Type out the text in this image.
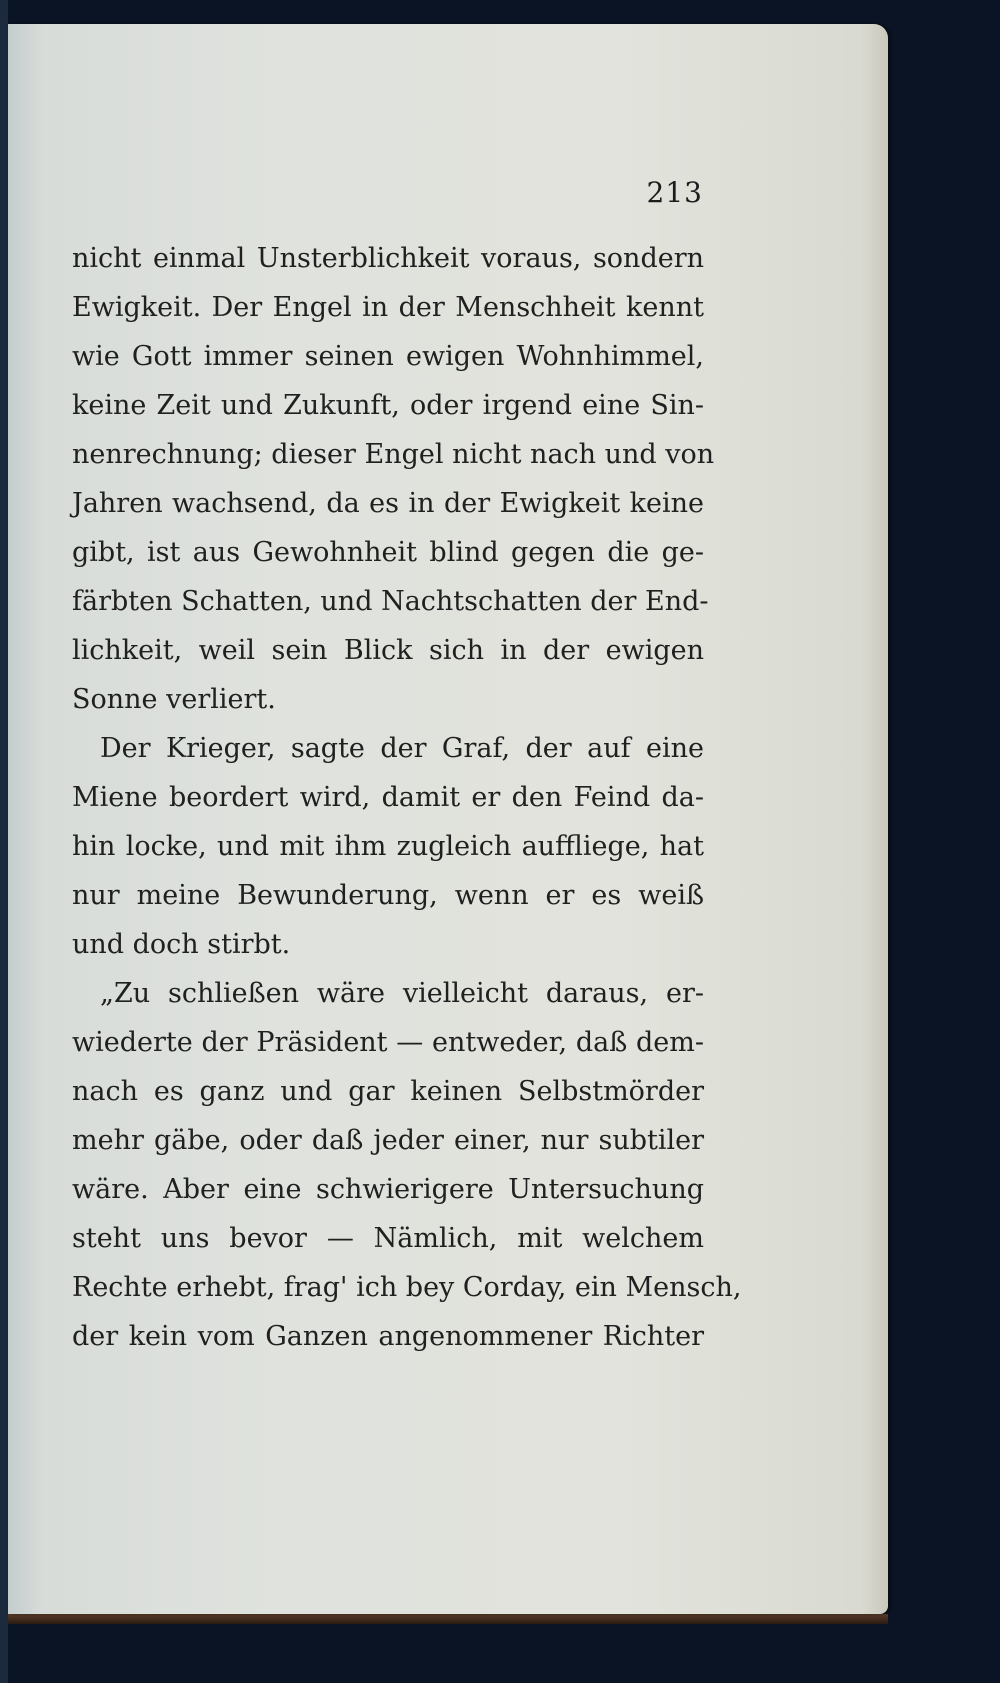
213
nicht einmal Unsterblichkeit voraus, sondern
Ewigkeit. Der Engel in der Menschheit kennt
wie Gott immer seinen ewigen Wohnhimmel,
keine Zeit und Zukunft, oder irgend eine Sin-
nenrechnung; dieser Engel nicht nach und von
Jahren wachsend, da es in der Ewigkeit keine
gibt, ist aus Gewohnheit blind gegen die ge-
färbten Schatten, und Nachtschatten der End-
lichkeit, weil sein Blick sich in der ewigen
Sonne verliert.
Der Krieger, sagte der Graf, der auf eine
Miene beordert wird, damit er den Feind da-
hin locke, und mit ihm zugleich auffliege, hat
nur meine Bewunderung, wenn er es weiß
und doch stirbt.
„Zu schließen wäre vielleicht daraus, er-
wiederte der Präsident — entweder, daß dem-
nach es ganz und gar keinen Selbstmörder
mehr gäbe, oder daß jeder einer, nur subtiler
wäre. Aber eine schwierigere Untersuchung
steht uns bevor — Nämlich, mit welchem
Rechte erhebt, frag' ich bey Corday, ein Mensch,
der kein vom Ganzen angenommener Richter
